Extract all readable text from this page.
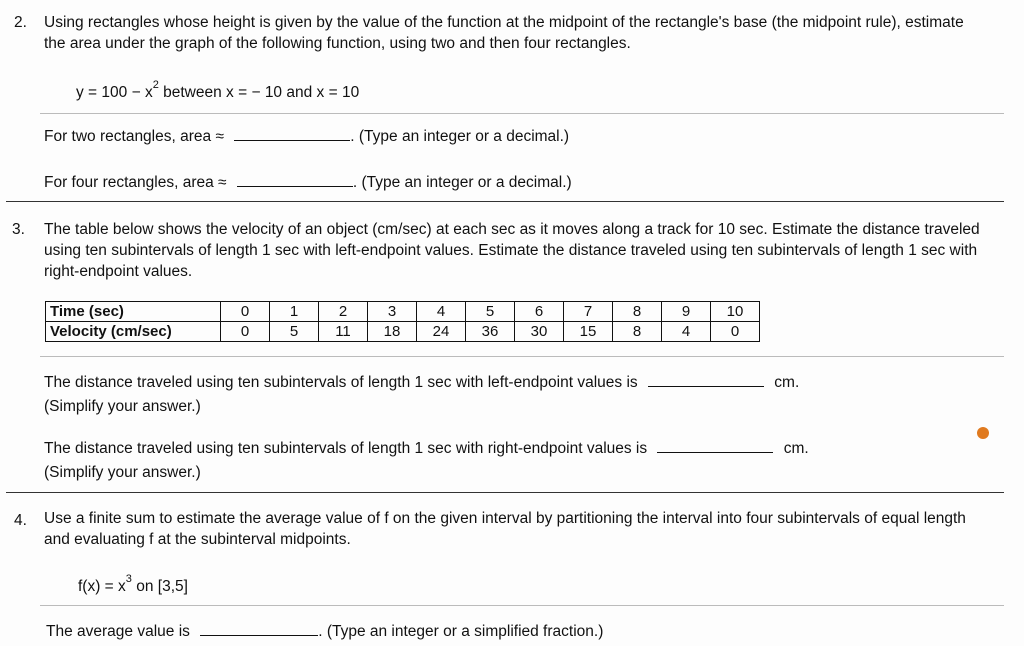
2. Using rectangles whose height is given by the value of the function at the midpoint of the rectangle's base (the midpoint rule), estimate the area under the graph of the following function, using two and then four rectangles.
$y = 100 - x^2$ between x = − 10 and x = 10
For two rectangles, area ≈	. (Type an integer or a decimal.)
For four rectangles, area ≈	. (Type an integer or a decimal.)
3. The table below shows the velocity of an object (cm/sec) at each sec as it moves along a track for 10 sec. Estimate the distance traveled using ten subintervals of length 1 sec with left-endpoint values. Estimate the distance traveled using ten subintervals of length 1 sec with right-endpoint values.
Time (sec)	0	1	2	3	4	5	6	7	8	9	10
Velocity (cm/sec)	0	5	11	18	24	36	30	15	8	4	0
The distance traveled using ten subintervals of length 1 sec with left-endpoint values is	cm.
(Simplify your answer.)
The distance traveled using ten subintervals of length 1 sec with right-endpoint values is	cm.
(Simplify your answer.)
4. Use a finite sum to estimate the average value of f on the given interval by partitioning the interval into four subintervals of equal length and evaluating f at the subinterval midpoints.
$f(x) = x^3$ on [3,5]
The average value is	. (Type an integer or a simplified fraction.)
